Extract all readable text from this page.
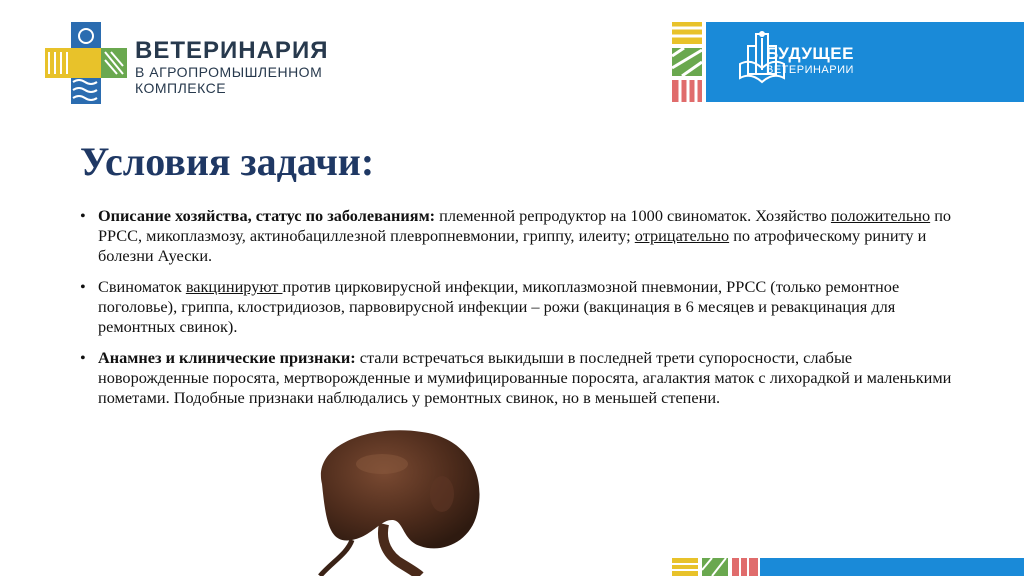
ВЕТЕРИНАРИЯ
В АГРОПРОМЫШЛЕННОМ
КОМПЛЕКСЕ
БУДУЩЕЕ
ВЕТЕРИНАРИИ
Условия задачи:
• Описание хозяйства, статус по заболеваниям: племенной репродуктор на 1000 свиноматок. Хозяйство положительно по РРСС, микоплазмозу, актинобациллезной плевропневмонии, гриппу, илеиту; отрицательно по атрофическому риниту и болезни Ауески.
• Свиноматок вакцинируют против цирковирусной инфекции, микоплазмозной пневмонии, РРСС (только ремонтное поголовье), гриппа, клостридиозов, парвовирусной инфекции – рожи (вакцинация в 6 месяцев и ревакцинация для ремонтных свинок).
• Анамнез и клинические признаки: стали встречаться выкидыши в последней трети супоросности, слабые новорожденные поросята, мертворожденные и мумифицированные поросята, агалактия маток с лихорадкой и маленькими пометами. Подобные признаки наблюдались у ремонтных свинок, но в меньшей степени.
